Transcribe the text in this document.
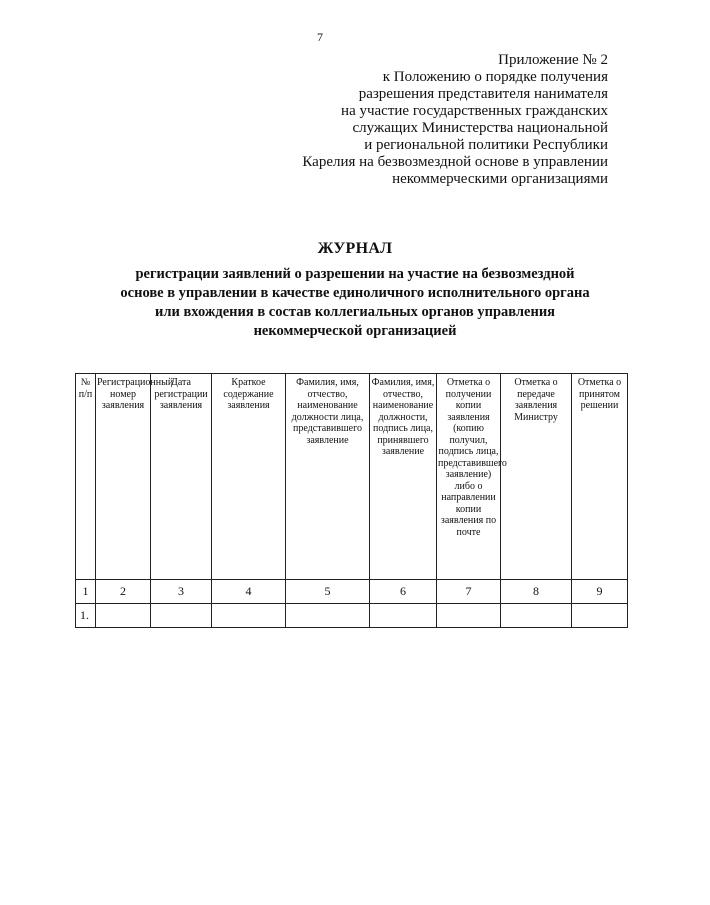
7
Приложение № 2
к Положению о порядке получения
разрешения представителя нанимателя
на участие государственных гражданских
служащих Министерства национальной
и региональной политики Республики
Карелия на безвозмездной основе в управлении
некоммерческими организациями
ЖУРНАЛ
регистрации заявлений о разрешении на участие на безвозмездной
основе в управлении в качестве единоличного исполнительного органа
или вхождения в состав коллегиальных органов управления
некоммерческой организацией
№ п/п	Регистрационный номер заявления	Дата регистрации заявления	Краткое содержание заявления	Фамилия, имя, отчество, наименование должности лица, представившего заявление	Фамилия, имя, отчество, наименование должности, подпись лица, принявшего заявление	Отметка о получении копии заявления (копию получил, подпись лица, представившего заявление) либо о направлении копии заявления по почте	Отметка о передаче заявления Министру	Отметка о принятом решении
1	2	3	4	5	6	7	8	9
1.								
